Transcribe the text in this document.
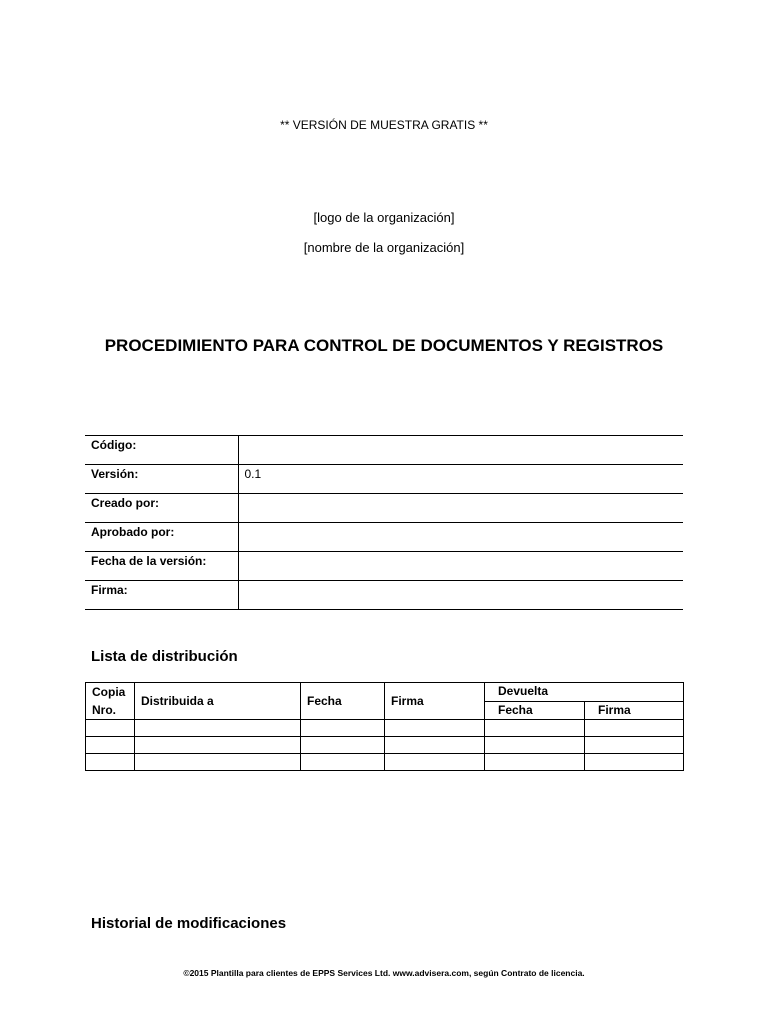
** VERSIÓN DE MUESTRA GRATIS **
[logo de la organización]
[nombre de la organización]
PROCEDIMIENTO PARA CONTROL DE DOCUMENTOS Y REGISTROS
Código:	
Versión:	0.1
Creado por:	
Aprobado por:	
Fecha de la versión:	
Firma:	
Lista de distribución
Copia Nro.	Distribuida a	Fecha	Firma	Devuelta	
				Fecha	Firma

Historial de modificaciones
©2015 Plantilla para clientes de EPPS Services Ltd. www.advisera.com, según Contrato de licencia.
